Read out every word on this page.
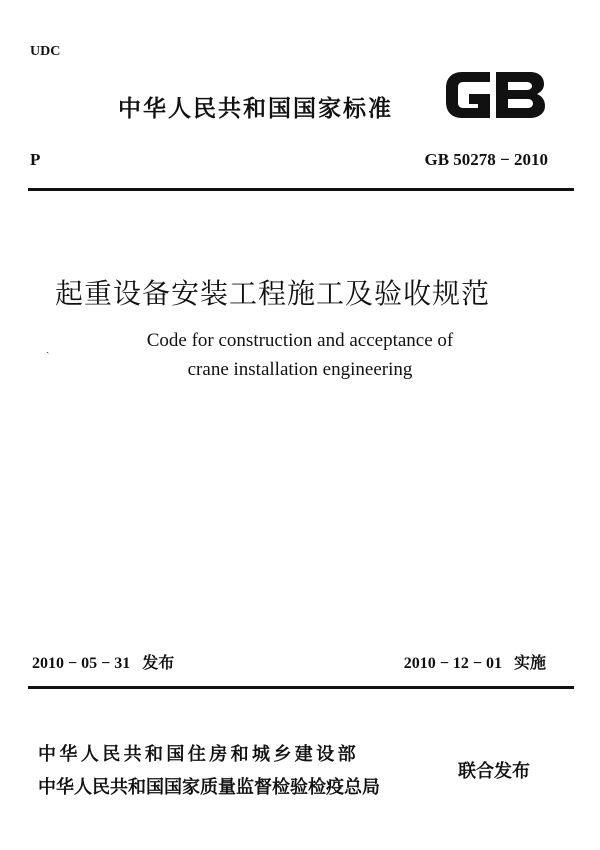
UDC
中华人民共和国国家标准
P	GB 50278 − 2010
起重设备安装工程施工及验收规范
ˏ	Code for construction and acceptance of
crane installation engineering
2010 − 05 − 31 发布	2010 − 12 − 01 实施
中华人民共和国住房和城乡建设部
中华人民共和国国家质量监督检验检疫总局
联合发布
